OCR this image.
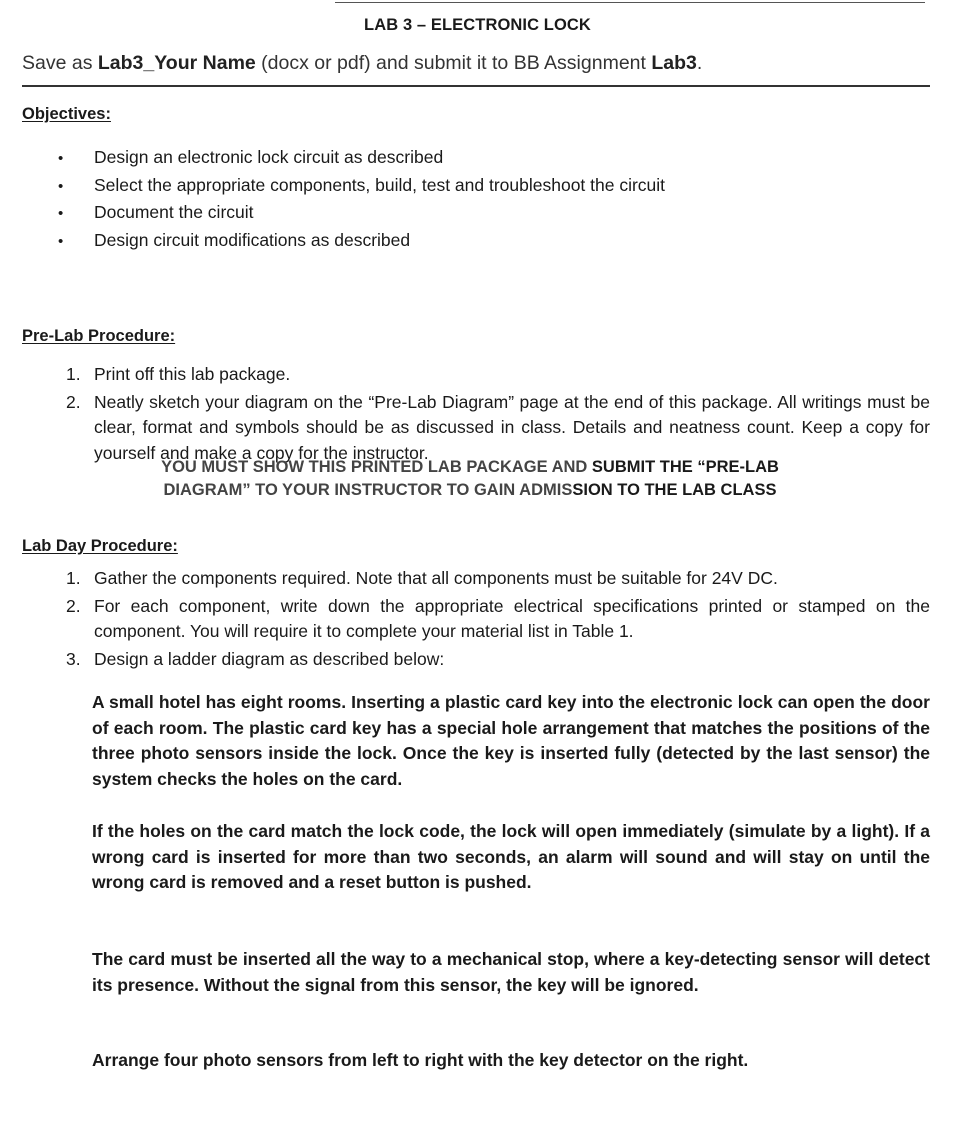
LAB 3 – ELECTRONIC LOCK
Save as Lab3_Your Name (docx or pdf) and submit it to BB Assignment Lab3.
Objectives:
• Design an electronic lock circuit as described
• Select the appropriate components, build, test and troubleshoot the circuit
• Document the circuit
• Design circuit modifications as described
Pre-Lab Procedure:
1. Print off this lab package.
2. Neatly sketch your diagram on the “Pre-Lab Diagram” page at the end of this package. All writings must be clear, format and symbols should be as discussed in class. Details and neatness count. Keep a copy for yourself and make a copy for the instructor.
YOU MUST SHOW THIS PRINTED LAB PACKAGE AND SUBMIT THE “PRE-LAB
DIAGRAM” TO YOUR INSTRUCTOR TO GAIN ADMISSION TO THE LAB CLASS
Lab Day Procedure:
1. Gather the components required. Note that all components must be suitable for 24V DC.
2. For each component, write down the appropriate electrical specifications printed or stamped on the component. You will require it to complete your material list in Table 1.
3. Design a ladder diagram as described below:

A small hotel has eight rooms. Inserting a plastic card key into the electronic lock can open the door of each room. The plastic card key has a special hole arrangement that matches the positions of the three photo sensors inside the lock. Once the key is inserted fully (detected by the last sensor) the system checks the holes on the card.

If the holes on the card match the lock code, the lock will open immediately (simulate by a light). If a wrong card is inserted for more than two seconds, an alarm will sound and will stay on until the wrong card is removed and a reset button is pushed.

The card must be inserted all the way to a mechanical stop, where a key-detecting sensor will detect its presence. Without the signal from this sensor, the key will be ignored.

Arrange four photo sensors from left to right with the key detector on the right.
